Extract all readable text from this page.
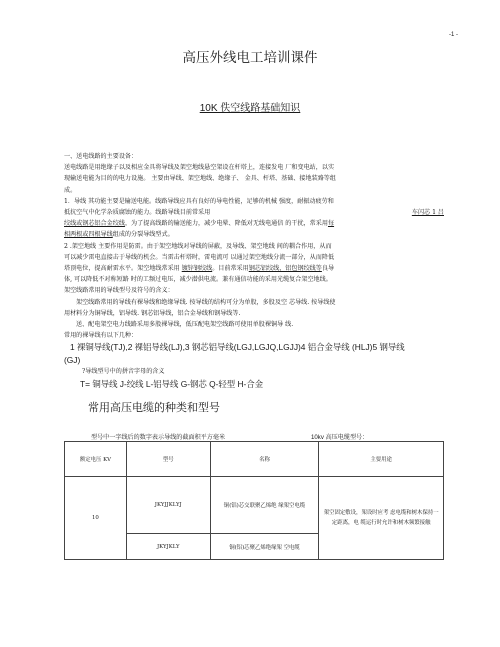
-1 -
高压外线电工培训课件
10K 佚空线路基础知识

一、送电线路的主要设备：

送电线路是用绝缘子以及相应金具将导线及架空地线悬空架设在杆塔上，连接发电 厂和变电站，以实

现输送电能为目的的电力设施。 主要由导线、架空地线、绝缘子、 金具、杆塔、基础、接地装臵等组

成。

1．导线 其功能主要是输送电能。线路导线应具有良好的导电性能，足够的机械 强度，耐振动疲劳和

抵抗空气中化学杂质腐蚀的能力。线路导线目前常采用	车闪芯 1 吕

绞线或钢芯铝合金绞线，为了提高线路的输送能力，减少电晕、降低对无线电通信 的干扰，常采用每

相两根或四根导线组成的分裂导线型式。

2 .架空地线 主要作用是防雷。由于架空地线对导线的屏蔽，及导线、架空地线 间的耦合作用，从而

可以减少雷电直接击于导线的机会。当雷击杆塔时，雷电流可 以通过架空地线分流一部分，从而降低

塔顶电位，提高耐雷水平。架空地线常采用 镀锌钢绞线。目前常采用钢芯铝绞线，铝包钢绞线等良导

体, 可以降低不对称短路 时的工频过电压，减少潜供电流。兼有通信功能的采用光缆复合架空地线。

架空线路常用的导线型号及符号的含义：

架空线路常用的导线有裸导线和绝缘导线. 按导线的结构可分为单股，多股及空 芯导线. 按导线使

用材料分为铜导线，铝导线. 钢芯铝导线，铝合金导线和钢导线等.

送、配电架空电力线路采用多股裸导线，低压配电架空线路可使用单股裸铜导 线.

常用的裸导线有以下几种：

1 裸铜导线(TJ),2 裸铝导线(LJ),3 钢芯铝导线(LGJ,LGJQ,LGJJ)4 铝合金导线 (HLJ)5 钢导线

(GJ)

?导线型号中的拼音字母的含义

T= 铜导线 J-绞线 L-铝导线 G-钢芯 Q-轻型 H-合金

常用高压电缆的种类和型号
型号中一字线后的数字表示导线的截面积平方毫米	10kv 高压电缆型号：
额定电压 KV	型号	名称	主要用途
10	JKYJJKLYJ	铜(铝)芯交联聚乙烯绝 缘架空电缆	架空固定敷设，架设时应考 虑电缆和树木保持一定距离，电 缆运行时允许和树木频繁接触
	JKYJKLY	铜(铝)芯聚乙烯绝缘架 空电缆	
